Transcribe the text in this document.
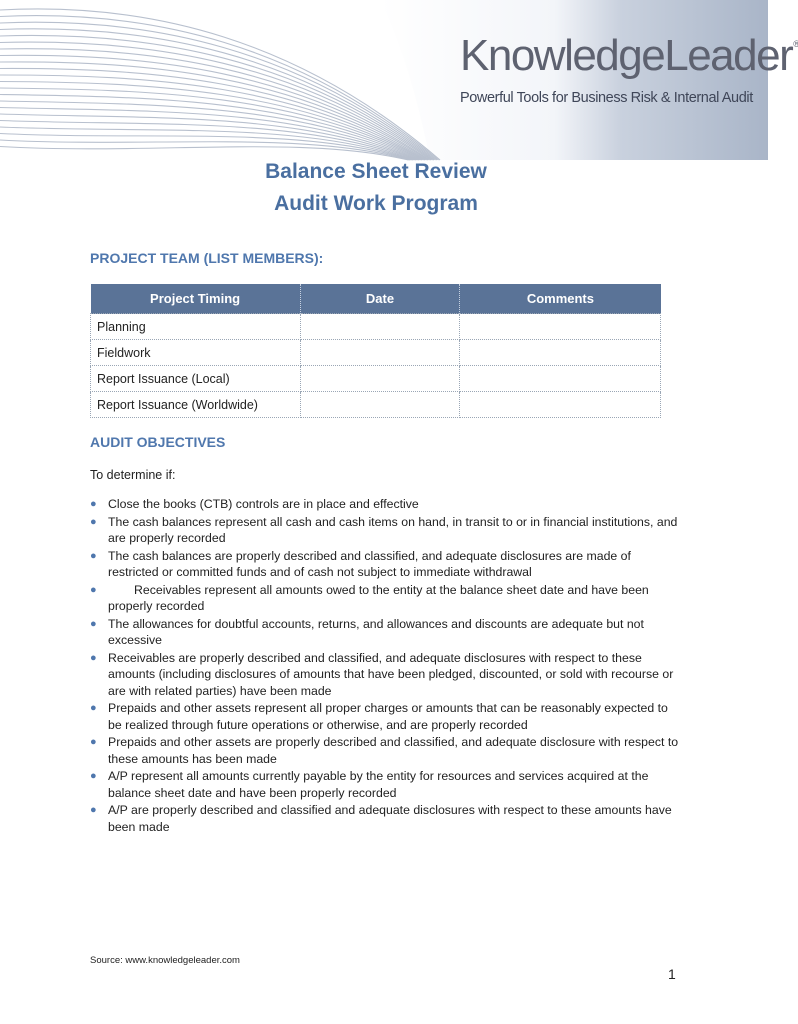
KnowledgeLeader®
Powerful Tools for Business Risk & Internal Audit
Balance Sheet Review
Audit Work Program
PROJECT TEAM (LIST MEMBERS):
Project Timing	Date	Comments
Planning		
Fieldwork		
Report Issuance (Local)		
Report Issuance (Worldwide)		
AUDIT OBJECTIVES
To determine if:
● Close the books (CTB) controls are in place and effective
● The cash balances represent all cash and cash items on hand, in transit to or in financial institutions, and are properly recorded
● The cash balances are properly described and classified, and adequate disclosures are made of restricted or committed funds and of cash not subject to immediate withdrawal
●	Receivables represent all amounts owed to the entity at the balance sheet date and have been properly recorded
● The allowances for doubtful accounts, returns, and allowances and discounts are adequate but not excessive
● Receivables are properly described and classified, and adequate disclosures with respect to these amounts (including disclosures of amounts that have been pledged, discounted, or sold with recourse or are with related parties) have been made
● Prepaids and other assets represent all proper charges or amounts that can be reasonably expected to be realized through future operations or otherwise, and are properly recorded
● Prepaids and other assets are properly described and classified, and adequate disclosure with respect to these amounts has been made
● A/P represent all amounts currently payable by the entity for resources and services acquired at the balance sheet date and have been properly recorded
● A/P are properly described and classified and adequate disclosures with respect to these amounts have been made
Source: www.knowledgeleader.com
1
